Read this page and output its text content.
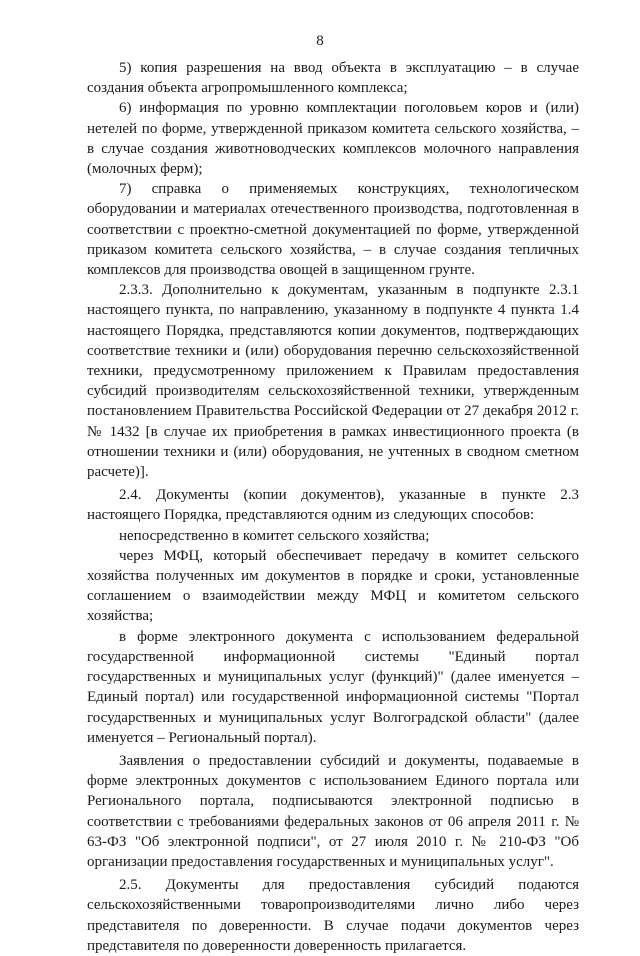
8

5) копия разрешения на ввод объекта в эксплуатацию – в случае создания объекта агропромышленного комплекса;

6) информация по уровню комплектации поголовьем коров и (или) нетелей по форме, утвержденной приказом комитета сельского хозяйства, – в случае создания животноводческих комплексов молочного направления (молочных ферм);

7) справка о применяемых конструкциях, технологическом оборудовании и материалах отечественного производства, подготовленная в соответствии с проектно-сметной документацией по форме, утвержденной приказом комитета сельского хозяйства, – в случае создания тепличных комплексов для производства овощей в защищенном грунте.

2.3.3. Дополнительно к документам, указанным в подпункте 2.3.1 настоящего пункта, по направлению, указанному в подпункте 4 пункта 1.4 настоящего Порядка, представляются копии документов, подтверждающих соответствие техники и (или) оборудования перечню сельскохозяйственной техники, предусмотренному приложением к Правилам предоставления субсидий производителям сельскохозяйственной техники, утвержденным постановлением Правительства Российской Федерации от 27 декабря 2012 г. № 1432 [в случае их приобретения в рамках инвестиционного проекта (в отношении техники и (или) оборудования, не учтенных в сводном сметном расчете)].

2.4. Документы (копии документов), указанные в пункте 2.3 настоящего Порядка, представляются одним из следующих способов:

непосредственно в комитет сельского хозяйства;

через МФЦ, который обеспечивает передачу в комитет сельского хозяйства полученных им документов в порядке и сроки, установленные соглашением о взаимодействии между МФЦ и комитетом сельского хозяйства;

в форме электронного документа с использованием федеральной государственной информационной системы "Единый портал государственных и муниципальных услуг (функций)" (далее именуется – Единый портал) или государственной информационной системы "Портал государственных и муниципальных услуг Волгоградской области" (далее именуется – Региональный портал).

Заявления о предоставлении субсидий и документы, подаваемые в форме электронных документов с использованием Единого портала или Регионального портала, подписываются электронной подписью в соответствии с требованиями федеральных законов от 06 апреля 2011 г. № 63-ФЗ "Об электронной подписи", от 27 июля 2010 г. № 210-ФЗ "Об организации предоставления государственных и муниципальных услуг".

2.5. Документы для предоставления субсидий подаются сельскохозяйственными товаропроизводителями лично либо через представителя по доверенности. В случае подачи документов через представителя по доверенности доверенность прилагается.
